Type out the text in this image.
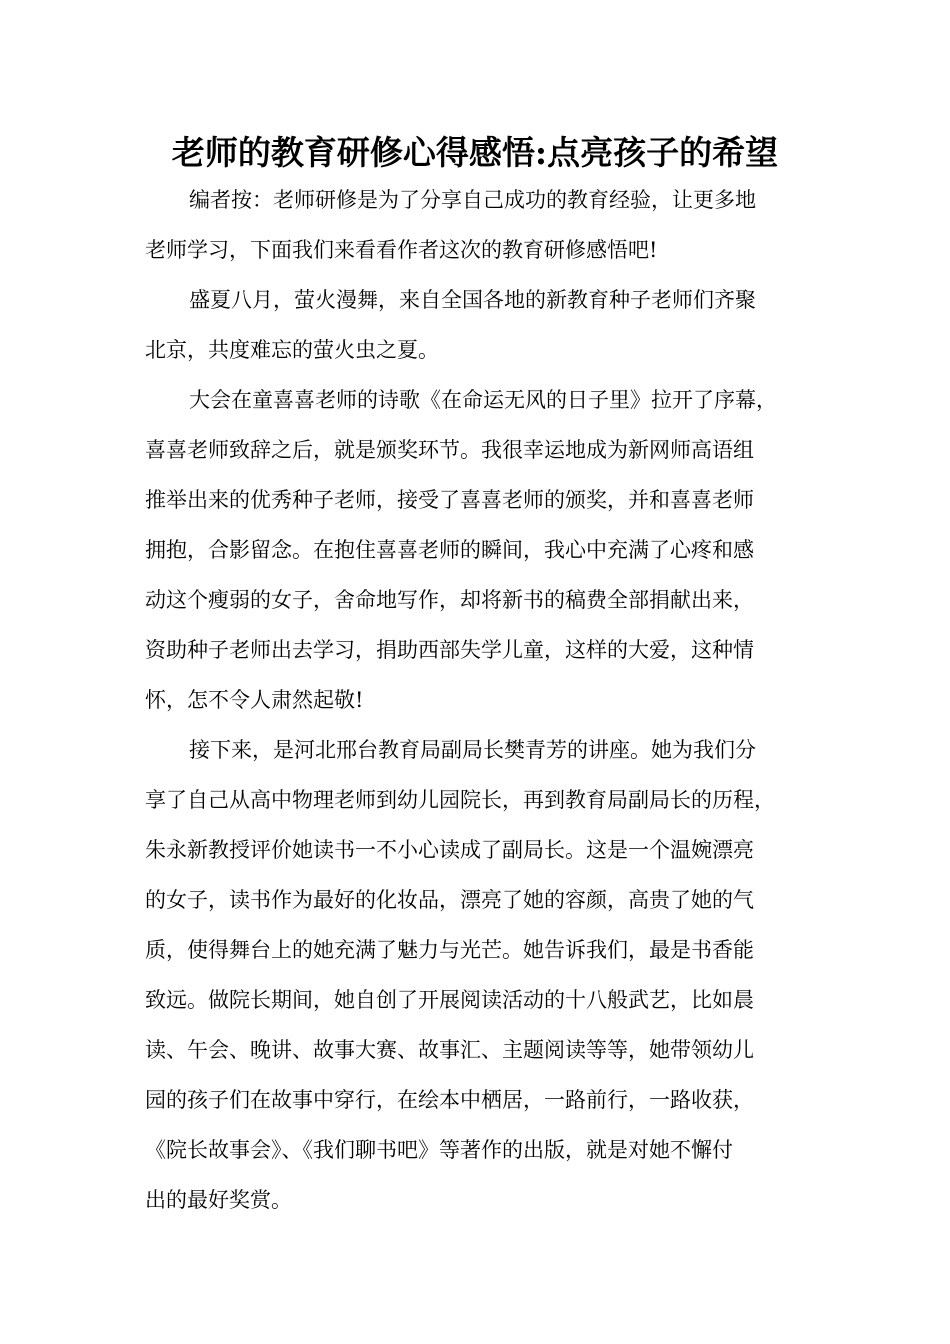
老师的教育研修心得感悟:点亮孩子的希望
编者按：老师研修是为了分享自己成功的教育经验，让更多地
老师学习，下面我们来看看作者这次的教育研修感悟吧!
盛夏八月，萤火漫舞，来自全国各地的新教育种子老师们齐聚
北京，共度难忘的萤火虫之夏。
大会在童喜喜老师的诗歌《在命运无风的日子里》拉开了序幕，
喜喜老师致辞之后，就是颁奖环节。我很幸运地成为新网师高语组
推举出来的优秀种子老师，接受了喜喜老师的颁奖，并和喜喜老师
拥抱，合影留念。在抱住喜喜老师的瞬间，我心中充满了心疼和感
动这个瘦弱的女子，舍命地写作，却将新书的稿费全部捐献出来，
资助种子老师出去学习，捐助西部失学儿童，这样的大爱，这种情
怀，怎不令人肃然起敬!
接下来，是河北邢台教育局副局长樊青芳的讲座。她为我们分
享了自己从高中物理老师到幼儿园院长，再到教育局副局长的历程，
朱永新教授评价她读书一不小心读成了副局长。这是一个温婉漂亮
的女子，读书作为最好的化妆品，漂亮了她的容颜，高贵了她的气
质，使得舞台上的她充满了魅力与光芒。她告诉我们，最是书香能
致远。做院长期间，她自创了开展阅读活动的十八般武艺，比如晨
读、午会、晚讲、故事大赛、故事汇、主题阅读等等，她带领幼儿
园的孩子们在故事中穿行，在绘本中栖居，一路前行，一路收获，
《院长故事会》、《我们聊书吧》等著作的出版，就是对她不懈付
出的最好奖赏。
